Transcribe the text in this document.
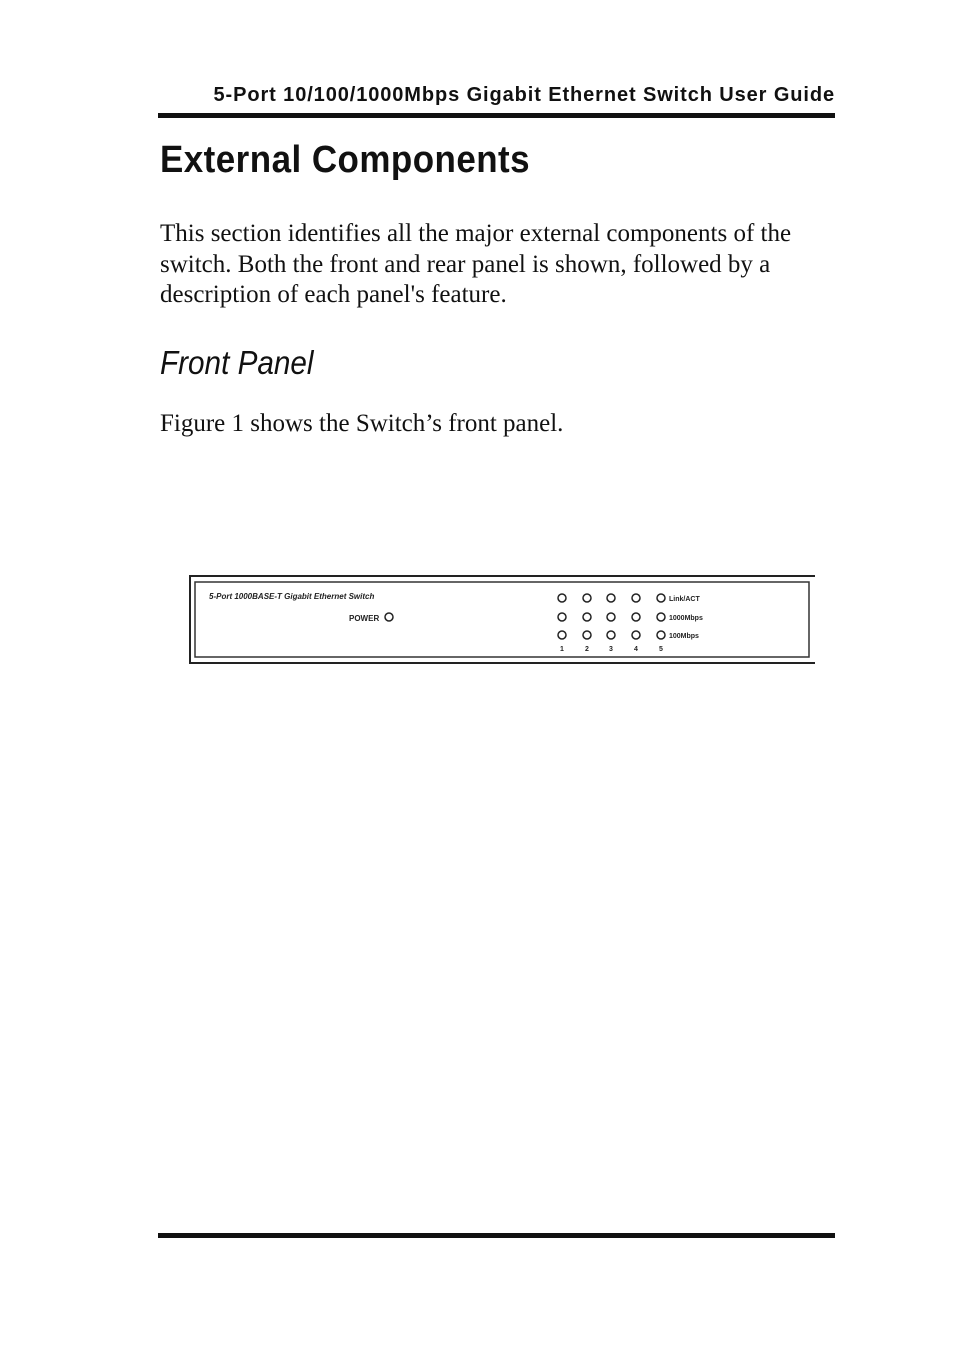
5-Port 10/100/1000Mbps Gigabit Ethernet Switch User Guide
External Components

This section identifies all the major external components of the switch. Both the front and rear panel is shown, followed by a description of each panel's feature.

Front Panel

Figure 1 shows the Switch’s front panel.

5-Port 1000BASE-T Gigabit Ethernet Switch
POWER
Link/ACT
1000Mbps
100Mbps
1	2	3	4	5
